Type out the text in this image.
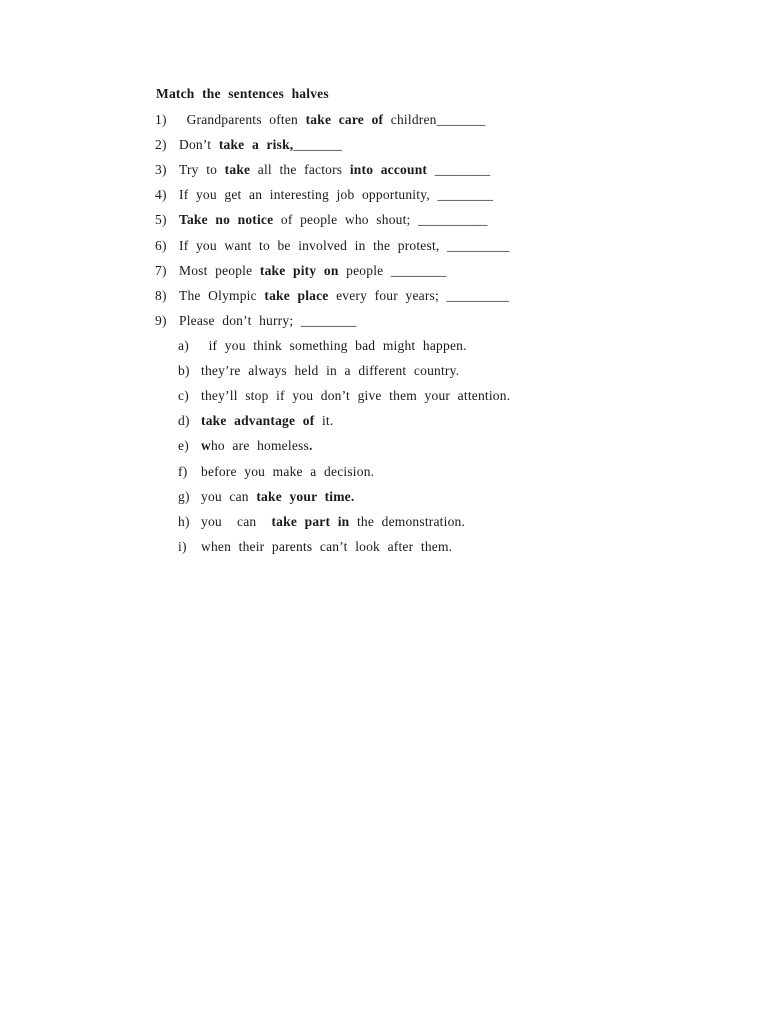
Match the sentences halves
1) Grandparents often take care of children_______
2) Don’t take a risk,_______
3) Try to take all the factors into account ________
4) If you get an interesting job opportunity, ________
5) Take no notice of people who shout; __________
6) If you want to be involved in the protest, _________
7) Most people take pity on people ________
8) The Olympic take place every four years; _________
9) Please don’t hurry; ________
a) if you think something bad might happen.
b) they’re always held in a different country.
c) they’ll stop if you don’t give them your attention.
d) take advantage of it.
e) who are homeless.
f) before you make a decision.
g) you can take your time.
h) you  can  take part in the demonstration.
i) when their parents can’t look after them.
